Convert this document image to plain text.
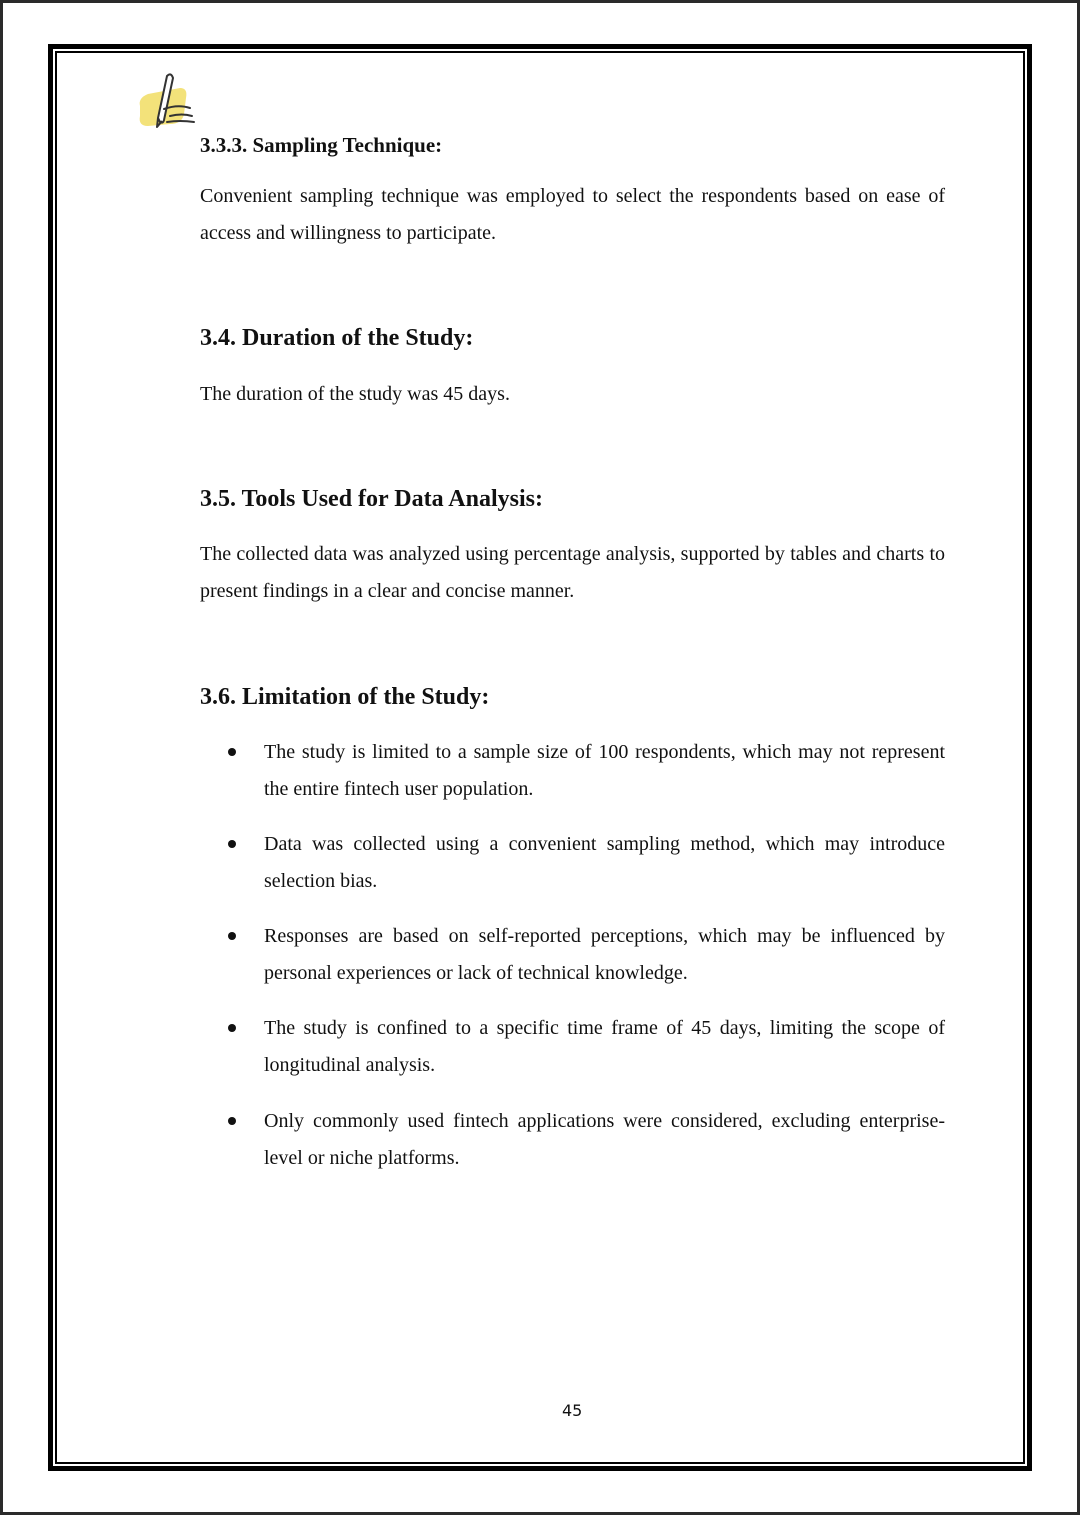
3.3.3. Sampling Technique:

Convenient sampling technique was employed to select the respondents based on ease of access and willingness to participate.

3.4. Duration of the Study:

The duration of the study was 45 days.

3.5. Tools Used for Data Analysis:

The collected data was analyzed using percentage analysis, supported by tables and charts to present findings in a clear and concise manner.

3.6. Limitation of the Study:

The study is limited to a sample size of 100 respondents, which may not represent the entire fintech user population.

Data was collected using a convenient sampling method, which may introduce selection bias.

Responses are based on self-reported perceptions, which may be influenced by personal experiences or lack of technical knowledge.

The study is confined to a specific time frame of 45 days, limiting the scope of longitudinal analysis.

Only commonly used fintech applications were considered, excluding enterprise-level or niche platforms.

45
